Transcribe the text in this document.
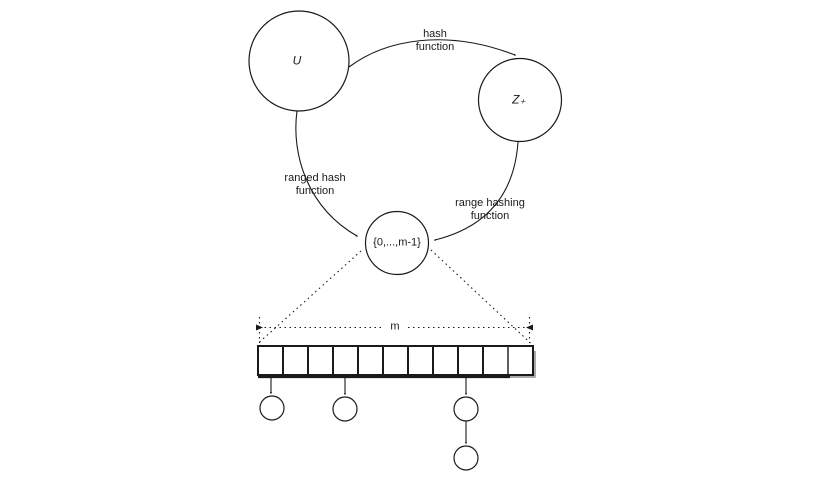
U
Z₊
{0,...,m-1}
hash
function
ranged hash
function
range hashing
function
m
